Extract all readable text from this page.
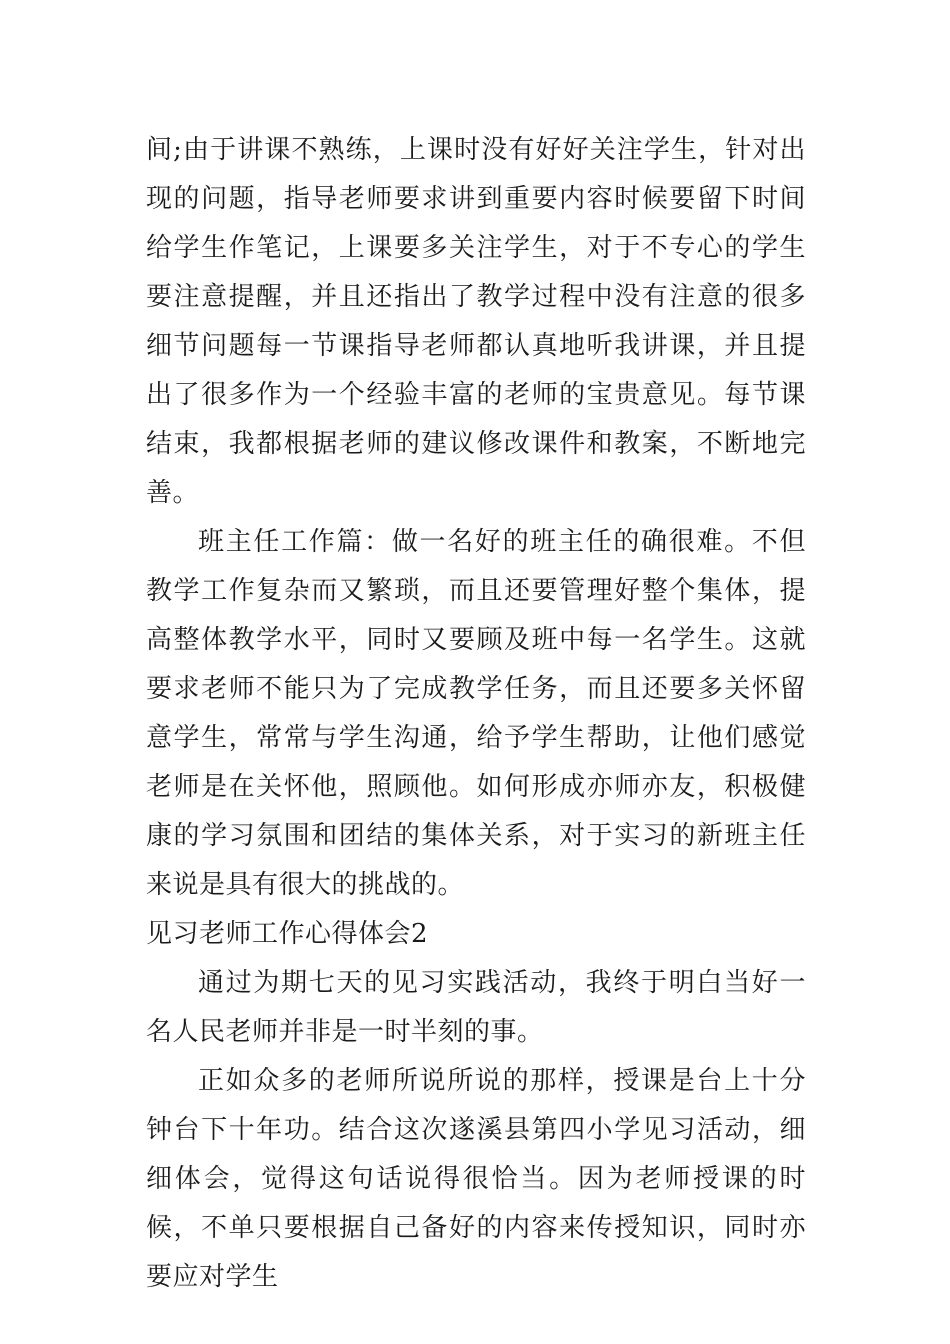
间;由于讲课不熟练，上课时没有好好关注学生，针对出现的问题，指导老师要求讲到重要内容时候要留下时间给学生作笔记，上课要多关注学生，对于不专心的学生要注意提醒，并且还指出了教学过程中没有注意的很多细节问题每一节课指导老师都认真地听我讲课，并且提出了很多作为一个经验丰富的老师的宝贵意见。每节课结束，我都根据老师的建议修改课件和教案，不断地完善。

班主任工作篇：做一名好的班主任的确很难。不但教学工作复杂而又繁琐，而且还要管理好整个集体，提高整体教学水平，同时又要顾及班中每一名学生。这就要求老师不能只为了完成教学任务，而且还要多关怀留意学生，常常与学生沟通，给予学生帮助，让他们感觉老师是在关怀他，照顾他。如何形成亦师亦友，积极健康的学习氛围和团结的集体关系，对于实习的新班主任来说是具有很大的挑战的。

见习老师工作心得体会2

通过为期七天的见习实践活动，我终于明白当好一名人民老师并非是一时半刻的事。

正如众多的老师所说所说的那样，授课是台上十分钟台下十年功。结合这次遂溪县第四小学见习活动，细细体会，觉得这句话说得很恰当。因为老师授课的时候，不单只要根据自己备好的内容来传授知识，同时亦要应对学生
